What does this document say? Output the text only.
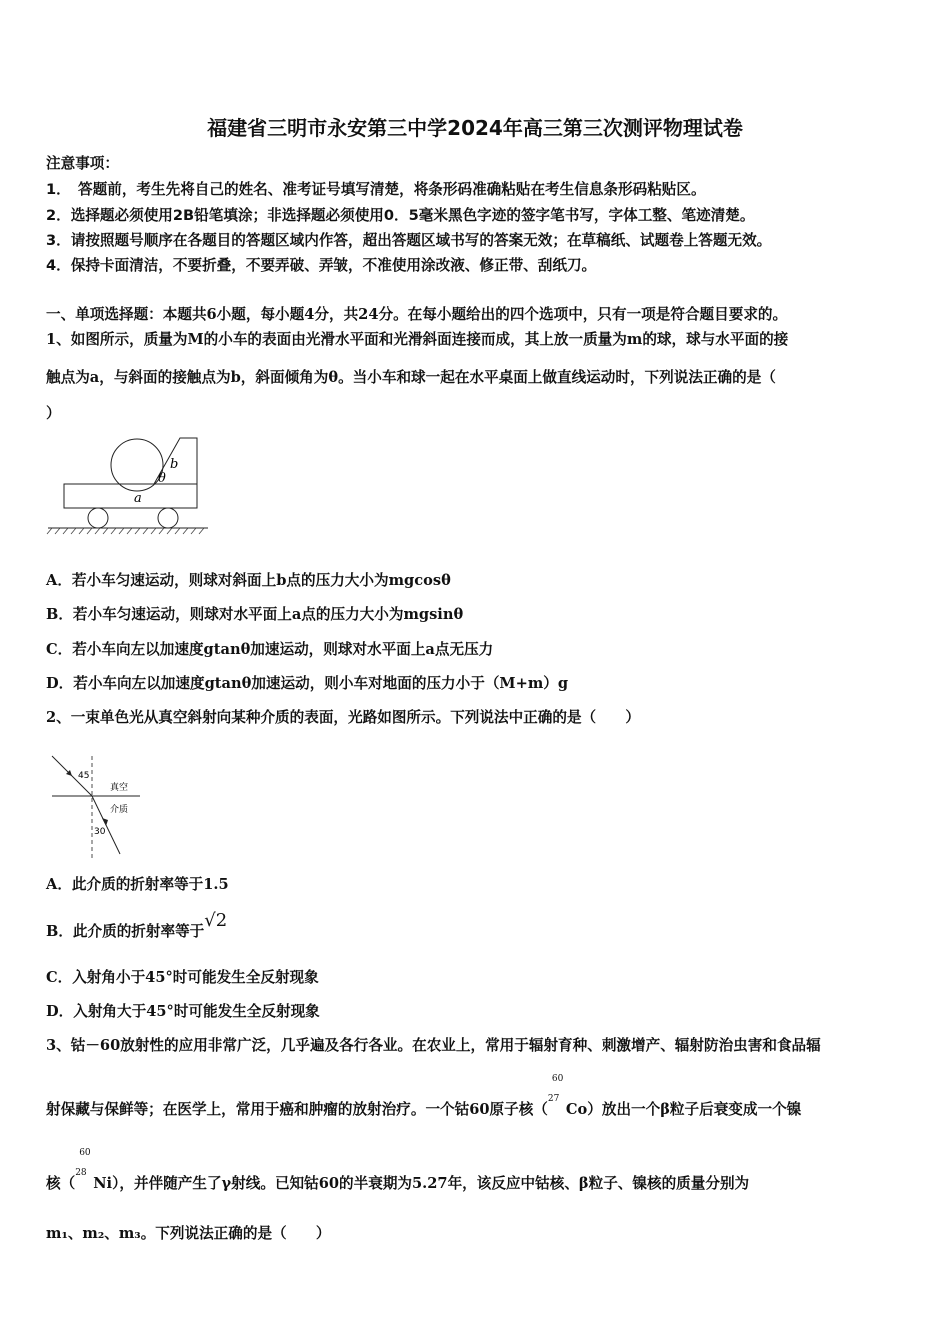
福建省三明市永安第三中学2024年高三第三次测评物理试卷
注意事项：
1．　答题前，考生先将自己的姓名、准考证号填写清楚，将条形码准确粘贴在考生信息条形码粘贴区。
2．选择题必须使用2B铅笔填涂；非选择题必须使用0．5毫米黑色字迹的签字笔书写，字体工整、笔迹清楚。
3．请按照题号顺序在各题目的答题区域内作答，超出答题区域书写的答案无效；在草稿纸、试题卷上答题无效。
4．保持卡面清洁，不要折叠，不要弄破、弄皱，不准使用涂改液、修正带、刮纸刀。
一、单项选择题：本题共6小题，每小题4分，共24分。在每小题给出的四个选项中，只有一项是符合题目要求的。
1、如图所示，质量为M的小车的表面由光滑水平面和光滑斜面连接而成，其上放一质量为m的球，球与水平面的接
触点为a，与斜面的接触点为b，斜面倾角为θ。当小车和球一起在水平桌面上做直线运动时，下列说法正确的是（
）
b
θ
a
A．若小车匀速运动，则球对斜面上b点的压力大小为mgcosθ
B．若小车匀速运动，则球对水平面上a点的压力大小为mgsinθ
C．若小车向左以加速度gtanθ加速运动，则球对水平面上a点无压力
D．若小车向左以加速度gtanθ加速运动，则小车对地面的压力小于（M+m）g
2、一束单色光从真空斜射向某种介质的表面，光路如图所示。下列说法中正确的是（　　）
45
真空
介质
30
A．此介质的折射率等于1.5
B．此介质的折射率等于√2
C．入射角小于45°时可能发生全反射现象
D．入射角大于45°时可能发生全反射现象
3、钴－60放射性的应用非常广泛，几乎遍及各行各业。在农业上，常用于辐射育种、刺激增产、辐射防治虫害和食品辐
射保藏与保鲜等；在医学上，常用于癌和肿瘤的放射治疗。一个钴60原子核（
60
27
Co）放出一个β粒子后衰变成一个镍
核（
60
28
Ni），并伴随产生了γ射线。已知钴60的半衰期为5.27年，该反应中钴核、β粒子、镍核的质量分别为
m₁、m₂、m₃。下列说法正确的是（　　）
